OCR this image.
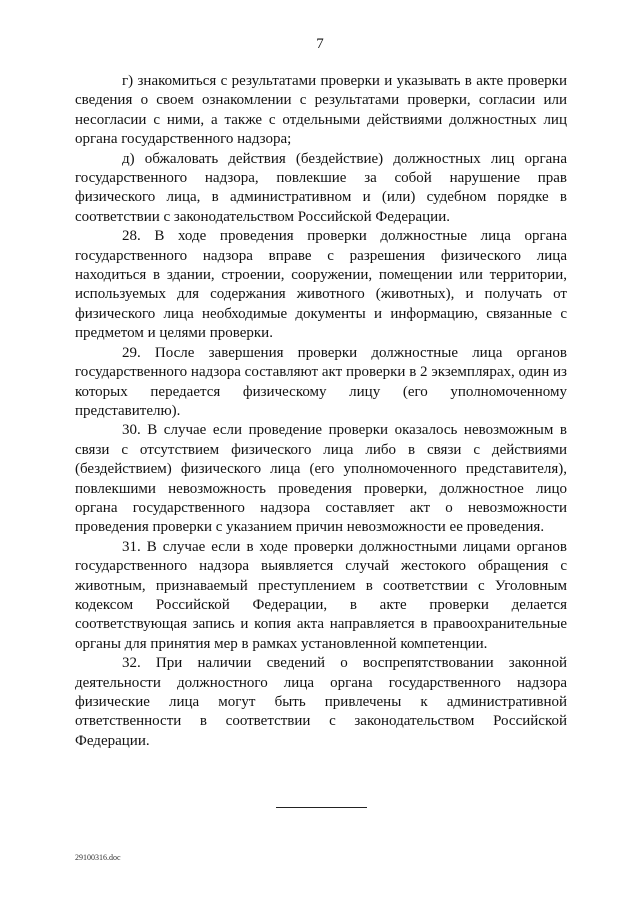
7

г) знакомиться с результатами проверки и указывать в акте проверки сведения о своем ознакомлении с результатами проверки, согласии или несогласии с ними, а также с отдельными действиями должностных лиц органа государственного надзора;

д) обжаловать действия (бездействие) должностных лиц органа государственного надзора, повлекшие за собой нарушение прав физического лица, в административном и (или) судебном порядке в соответствии с законодательством Российской Федерации.

28. В ходе проведения проверки должностные лица органа государственного надзора вправе с разрешения физического лица находиться в здании, строении, сооружении, помещении или территории, используемых для содержания животного (животных), и получать от физического лица необходимые документы и информацию, связанные с предметом и целями проверки.

29. После завершения проверки должностные лица органов государственного надзора составляют акт проверки в 2 экземплярах, один из которых передается физическому лицу (его уполномоченному представителю).

30. В случае если проведение проверки оказалось невозможным в связи с отсутствием физического лица либо в связи с действиями (бездействием) физического лица (его уполномоченного представителя), повлекшими невозможность проведения проверки, должностное лицо органа государственного надзора составляет акт о невозможности проведения проверки с указанием причин невозможности ее проведения.

31. В случае если в ходе проверки должностными лицами органов государственного надзора выявляется случай жестокого обращения с животным, признаваемый преступлением в соответствии с Уголовным кодексом Российской Федерации, в акте проверки делается соответствующая запись и копия акта направляется в правоохранительные органы для принятия мер в рамках установленной компетенции.

32. При наличии сведений о воспрепятствовании законной деятельности должностного лица органа государственного надзора физические лица могут быть привлечены к административной ответственности в соответствии с законодательством Российской Федерации.

29100316.doc
